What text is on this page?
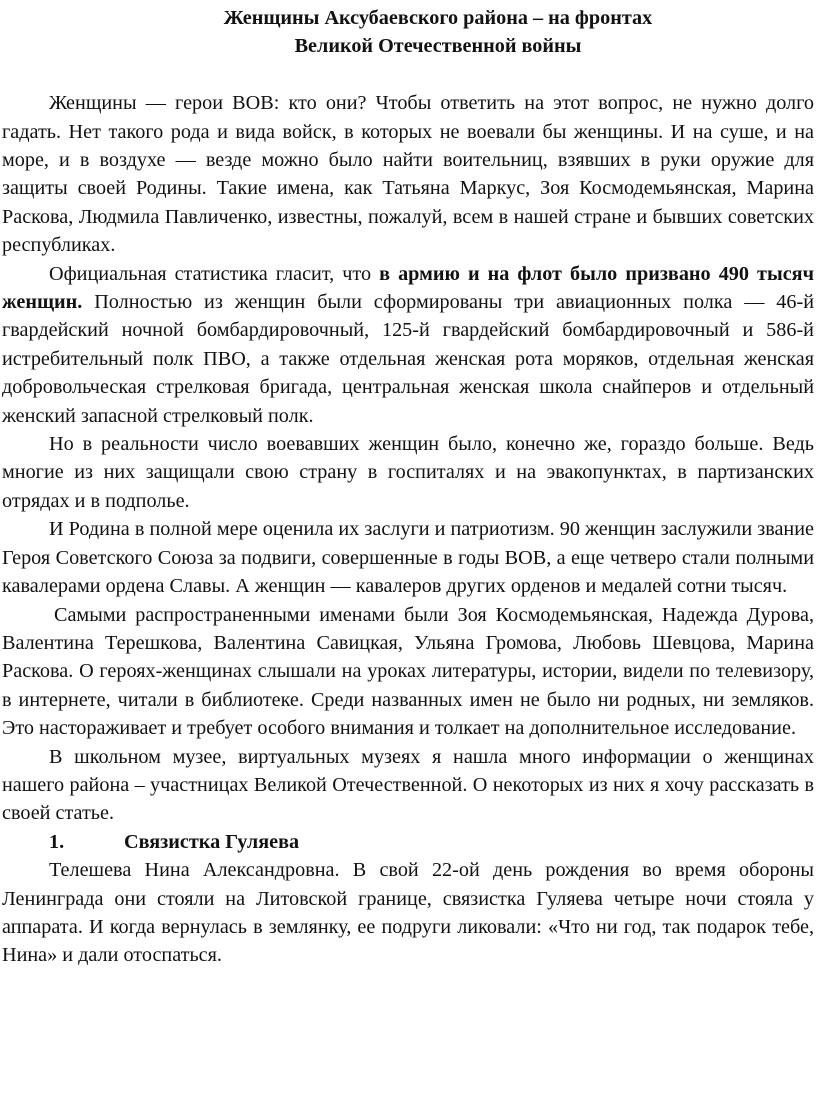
Женщины Аксубаевского района – на фронтах
Великой Отечественной войны

Женщины — герои ВОВ: кто они? Чтобы ответить на этот вопрос, не нужно долго гадать. Нет такого рода и вида войск, в которых не воевали бы женщины. И на суше, и на море, и в воздухе — везде можно было найти воительниц, взявших в руки оружие для защиты своей Родины. Такие имена, как Татьяна Маркус, Зоя Космодемьянская, Марина Раскова, Людмила Павличенко, известны, пожалуй, всем в нашей стране и бывших советских республиках.

Официальная статистика гласит, что в армию и на флот было призвано 490 тысяч женщин. Полностью из женщин были сформированы три авиационных полка — 46-й гвардейский ночной бомбардировочный, 125-й гвардейский бомбардировочный и 586-й истребительный полк ПВО, а также отдельная женская рота моряков, отдельная женская добровольческая стрелковая бригада, центральная женская школа снайперов и отдельный женский запасной стрелковый полк.

Но в реальности число воевавших женщин было, конечно же, гораздо больше. Ведь многие из них защищали свою страну в госпиталях и на эвакопунктах, в партизанских отрядах и в подполье.

И Родина в полной мере оценила их заслуги и патриотизм. 90 женщин заслужили звание Героя Советского Союза за подвиги, совершенные в годы ВОВ, а еще четверо стали полными кавалерами ордена Славы. А женщин — кавалеров других орденов и медалей сотни тысяч.

Самыми распространенными именами были Зоя Космодемьянская, Надежда Дурова, Валентина Терешкова, Валентина Савицкая, Ульяна Громова, Любовь Шевцова, Марина Раскова. О героях-женщинах слышали на уроках литературы, истории, видели по телевизору, в интернете, читали в библиотеке. Среди названных имен не было ни родных, ни земляков. Это настораживает и требует особого внимания и толкает на дополнительное исследование.

В школьном музее, виртуальных музеях я нашла много информации о женщинах нашего района – участницах Великой Отечественной. О некоторых из них я хочу рассказать в своей статье.

1.	Связистка Гуляева

Телешева Нина Александровна. В свой 22-ой день рождения во время обороны Ленинграда они стояли на Литовской границе, связистка Гуляева четыре ночи стояла у аппарата. И когда вернулась в землянку, ее подруги ликовали: «Что ни год, так подарок тебе, Нина» и дали отоспаться.
